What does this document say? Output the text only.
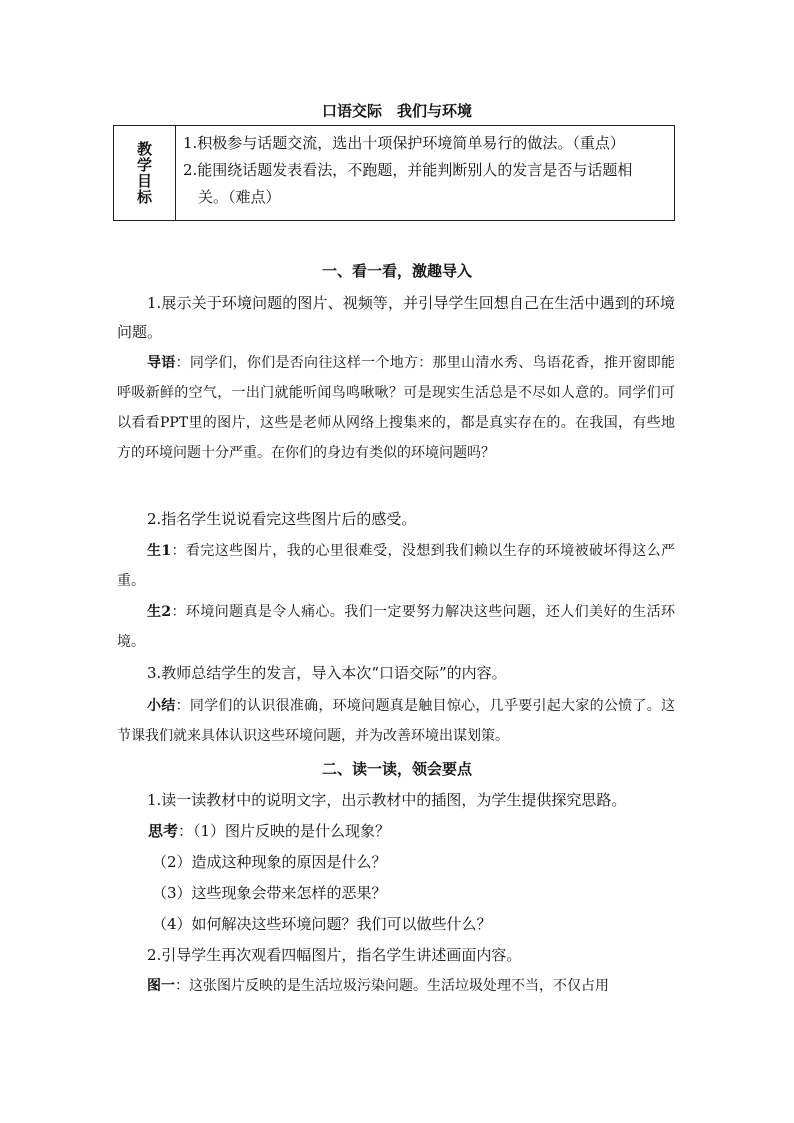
口语交际　我们与环境
教
学
目
标

1.积极参与话题交流，选出十项保护环境简单易行的做法。（重点）

2.能围绕话题发表看法，不跑题，并能判断别人的发言是否与话题相

关。（难点）

一、看一看，激趣导入

1.展示关于环境问题的图片、视频等，并引导学生回想自己在生活中遇到的环境问题。

导语：同学们，你们是否向往这样一个地方：那里山清水秀、鸟语花香，推开窗即能呼吸新鲜的空气，一出门就能听闻鸟鸣啾啾？可是现实生活总是不尽如人意的。同学们可以看看PPT里的图片，这些是老师从网络上搜集来的，都是真实存在的。在我国，有些地方的环境问题十分严重。在你们的身边有类似的环境问题吗？

2.指名学生说说看完这些图片后的感受。

生1：看完这些图片，我的心里很难受，没想到我们赖以生存的环境被破坏得这么严重。

生2：环境问题真是令人痛心。我们一定要努力解决这些问题，还人们美好的生活环境。

3.教师总结学生的发言，导入本次“口语交际”的内容。

小结：同学们的认识很准确，环境问题真是触目惊心，几乎要引起大家的公愤了。这节课我们就来具体认识这些环境问题，并为改善环境出谋划策。

二、读一读，领会要点

1.读一读教材中的说明文字，出示教材中的插图，为学生提供探究思路。

思考：（1）图片反映的是什么现象？

（2）造成这种现象的原因是什么？

（3）这些现象会带来怎样的恶果？

（4）如何解决这些环境问题？我们可以做些什么？

2.引导学生再次观看四幅图片，指名学生讲述画面内容。

图一：这张图片反映的是生活垃圾污染问题。生活垃圾处理不当，不仅占用
